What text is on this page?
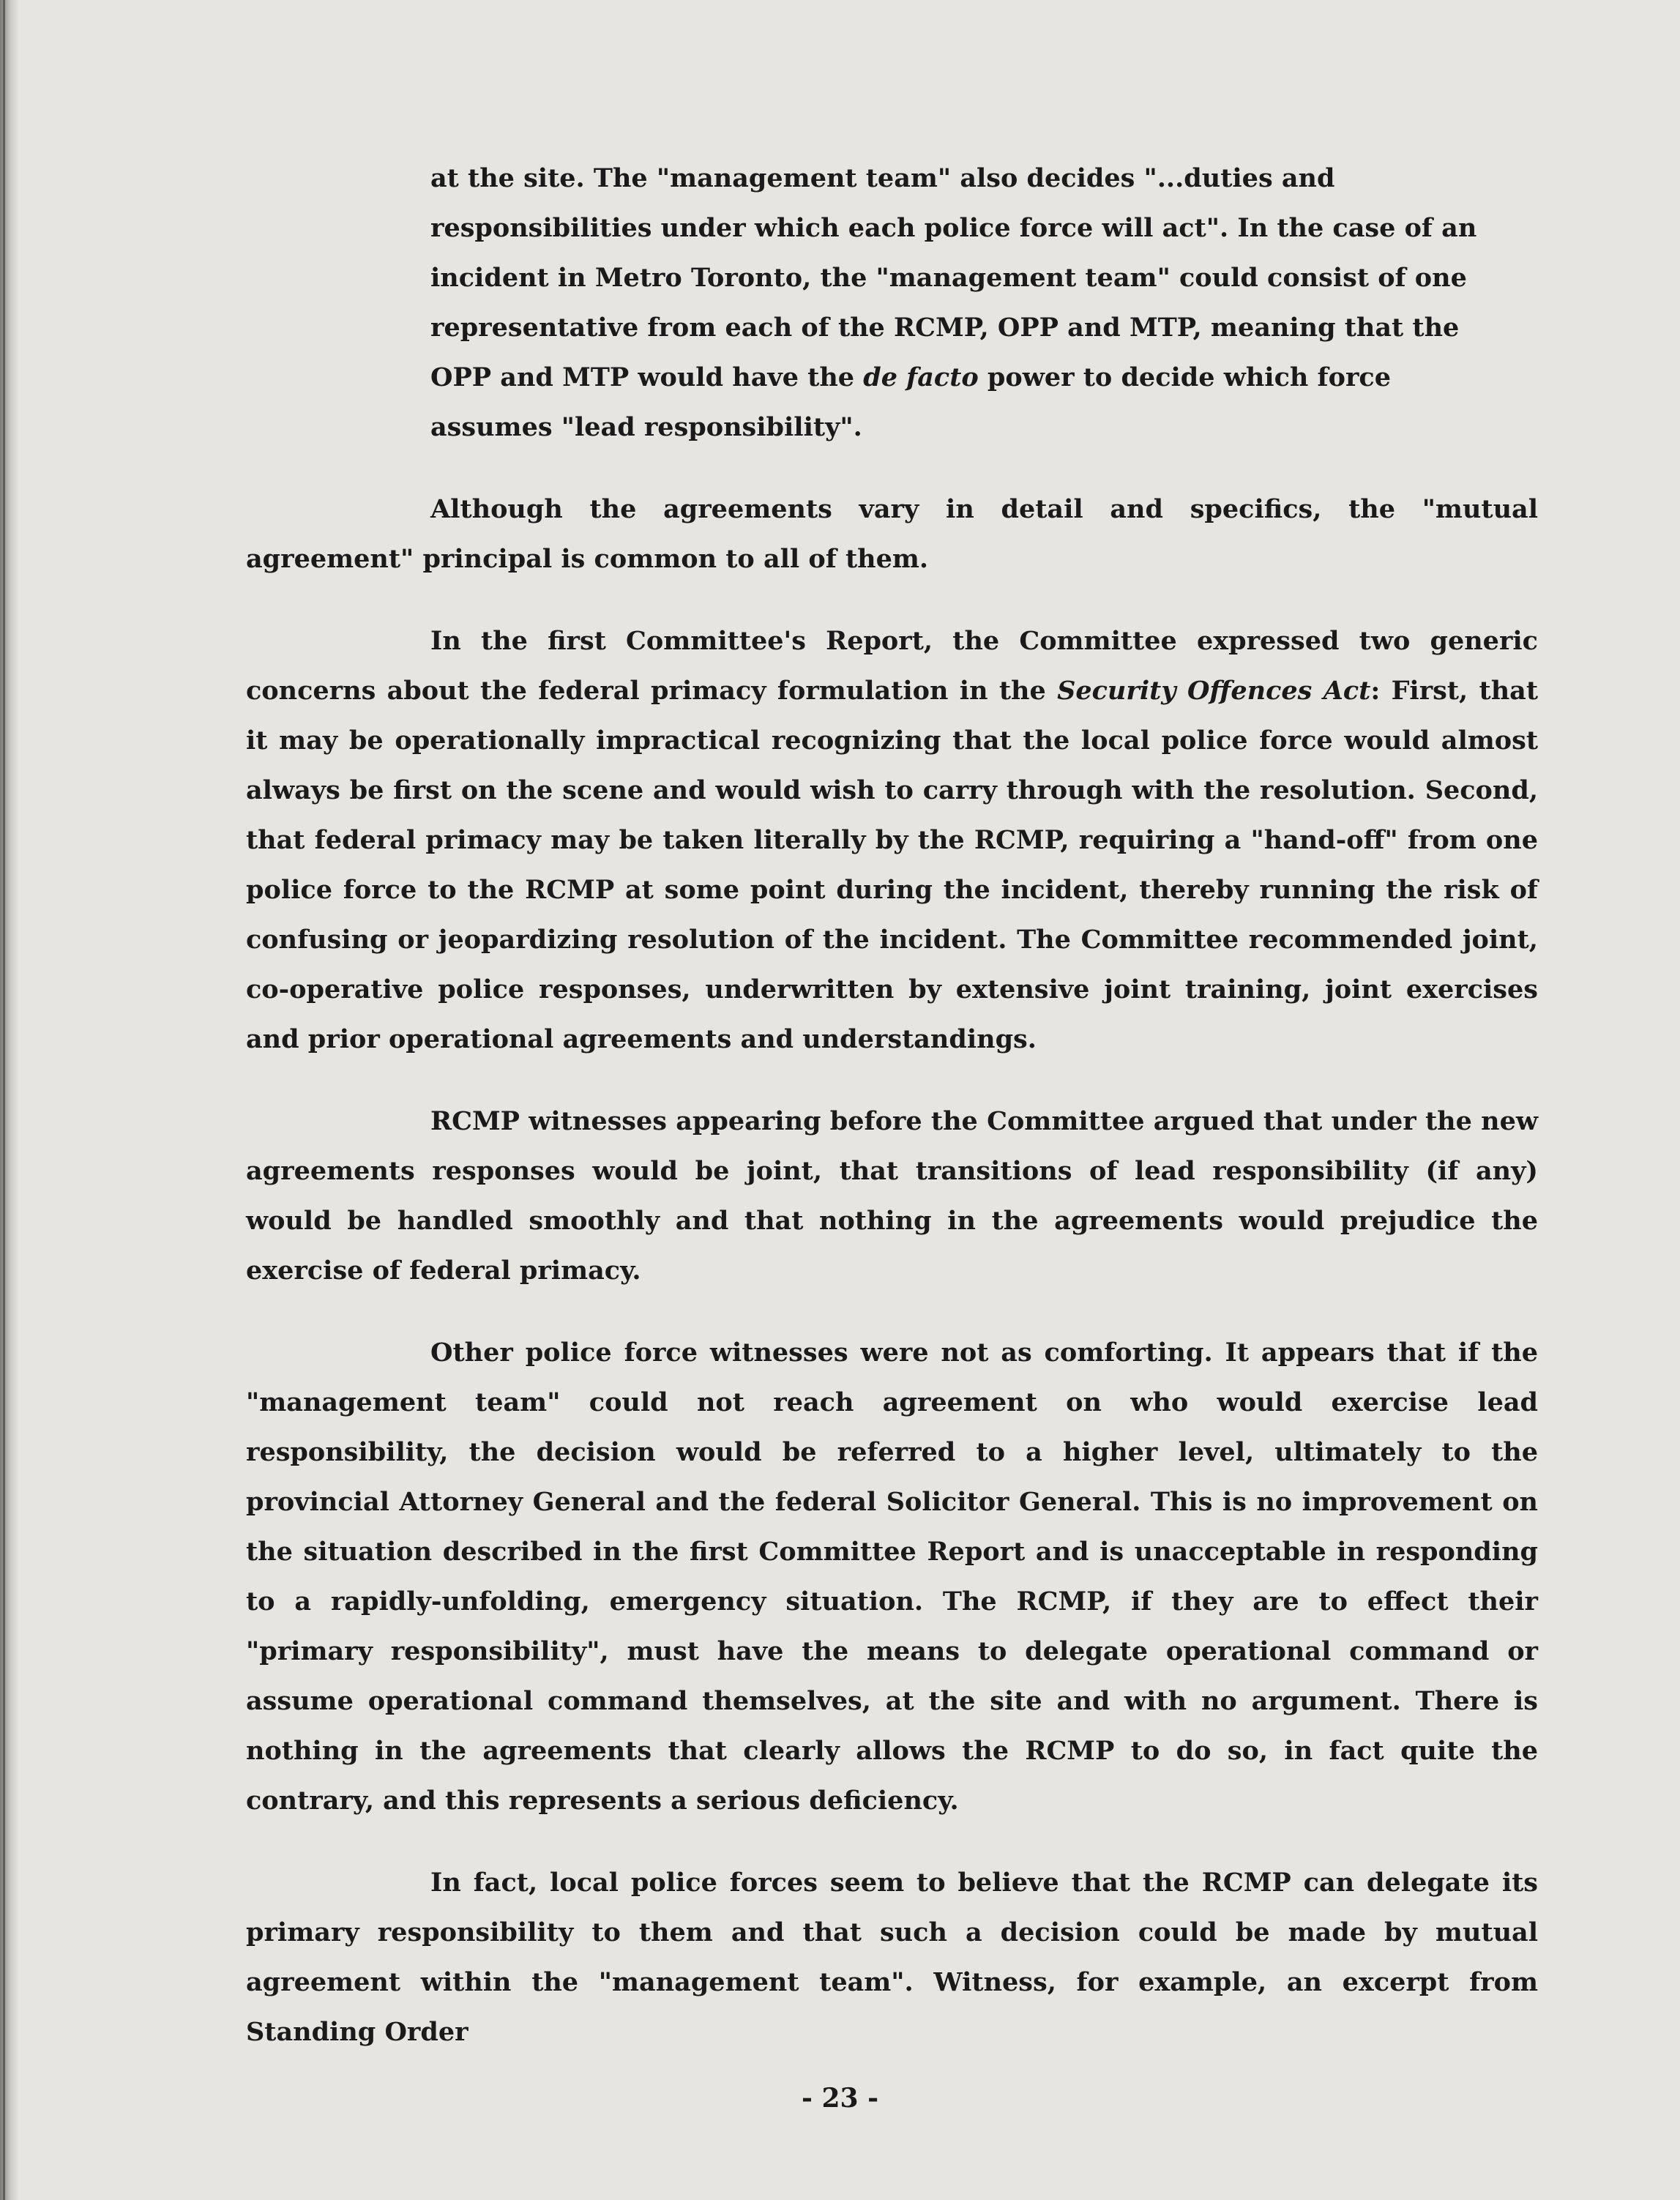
at the site. The "management team" also decides "...duties and responsibilities under which each police force will act". In the case of an incident in Metro Toronto, the "management team" could consist of one representative from each of the RCMP, OPP and MTP, meaning that the OPP and MTP would have the de facto power to decide which force assumes "lead responsibility".

Although the agreements vary in detail and specifics, the "mutual agreement" principal is common to all of them.

In the first Committee's Report, the Committee expressed two generic concerns about the federal primacy formulation in the Security Offences Act: First, that it may be operationally impractical recognizing that the local police force would almost always be first on the scene and would wish to carry through with the resolution. Second, that federal primacy may be taken literally by the RCMP, requiring a "hand-off" from one police force to the RCMP at some point during the incident, thereby running the risk of confusing or jeopardizing resolution of the incident. The Committee recommended joint, co-operative police responses, underwritten by extensive joint training, joint exercises and prior operational agreements and understandings.

RCMP witnesses appearing before the Committee argued that under the new agreements responses would be joint, that transitions of lead responsibility (if any) would be handled smoothly and that nothing in the agreements would prejudice the exercise of federal primacy.

Other police force witnesses were not as comforting. It appears that if the "management team" could not reach agreement on who would exercise lead responsibility, the decision would be referred to a higher level, ultimately to the provincial Attorney General and the federal Solicitor General. This is no improvement on the situation described in the first Committee Report and is unacceptable in responding to a rapidly-unfolding, emergency situation. The RCMP, if they are to effect their "primary responsibility", must have the means to delegate operational command or assume operational command themselves, at the site and with no argument. There is nothing in the agreements that clearly allows the RCMP to do so, in fact quite the contrary, and this represents a serious deficiency.

In fact, local police forces seem to believe that the RCMP can delegate its primary responsibility to them and that such a decision could be made by mutual agreement within the "management team". Witness, for example, an excerpt from Standing Order

- 23 -
